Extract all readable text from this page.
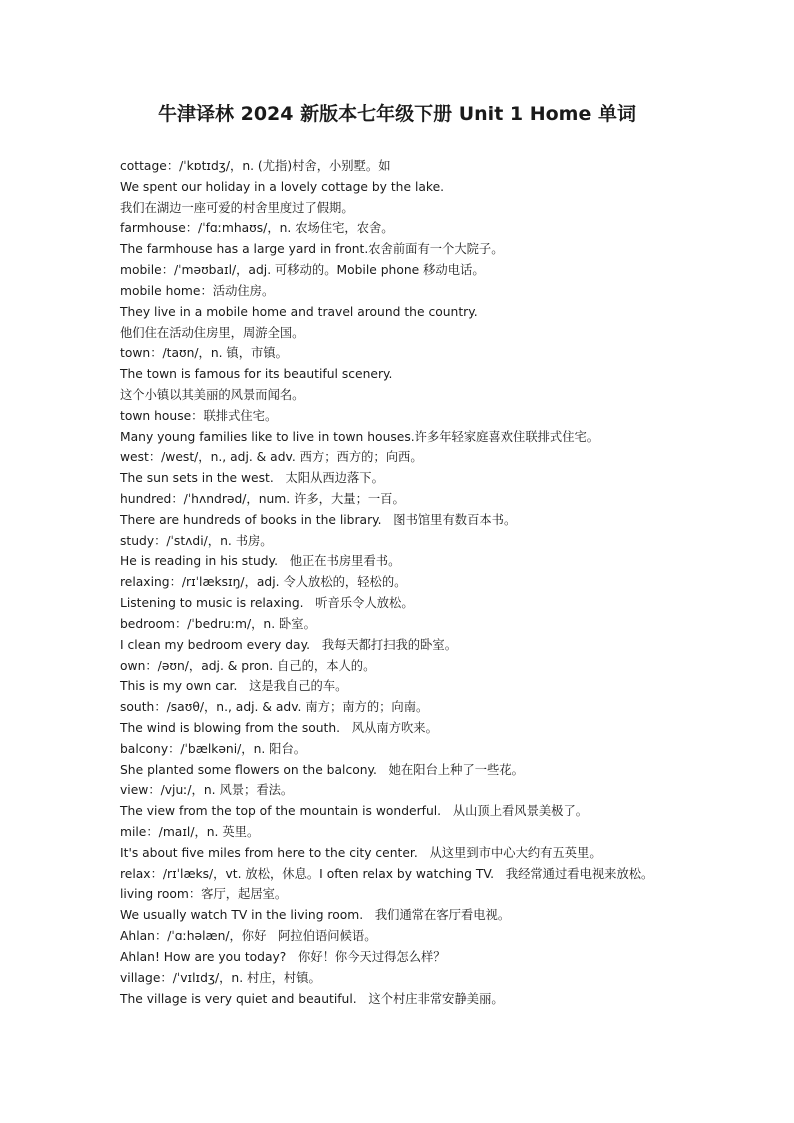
牛津译林 2024 新版本七年级下册 Unit 1 Home 单词
cottage：/ˈkɒtɪdʒ/，n. (尤指)村舍，小别墅。如
We spent our holiday in a lovely cottage by the lake.
我们在湖边一座可爱的村舍里度过了假期。
farmhouse：/ˈfɑːmhaʊs/，n. 农场住宅，农舍。
The farmhouse has a large yard in front.农舍前面有一个大院子。
mobile：/ˈməʊbaɪl/，adj. 可移动的。Mobile phone 移动电话。
mobile home：活动住房。
They live in a mobile home and travel around the country.
他们住在活动住房里，周游全国。
town：/taʊn/，n. 镇，市镇。
The town is famous for its beautiful scenery.
这个小镇以其美丽的风景而闻名。
town house：联排式住宅。
Many young families like to live in town houses.许多年轻家庭喜欢住联排式住宅。
west：/west/，n., adj. & adv. 西方；西方的；向西。
The sun sets in the west.   太阳从西边落下。
hundred：/ˈhʌndrəd/，num. 许多，大量；一百。
There are hundreds of books in the library.   图书馆里有数百本书。
study：/ˈstʌdi/，n. 书房。
He is reading in his study.   他正在书房里看书。
relaxing：/rɪˈlæksɪŋ/，adj. 令人放松的，轻松的。
Listening to music is relaxing.   听音乐令人放松。
bedroom：/ˈbedruːm/，n. 卧室。
I clean my bedroom every day.   我每天都打扫我的卧室。
own：/əʊn/，adj. & pron. 自己的，本人的。
This is my own car.   这是我自己的车。
south：/saʊθ/，n., adj. & adv. 南方；南方的；向南。
The wind is blowing from the south.   风从南方吹来。
balcony：/ˈbælkəni/，n. 阳台。
She planted some flowers on the balcony.   她在阳台上种了一些花。
view：/vjuː/，n. 风景；看法。
The view from the top of the mountain is wonderful.   从山顶上看风景美极了。
mile：/maɪl/，n. 英里。
It's about five miles from here to the city center.   从这里到市中心大约有五英里。
relax：/rɪˈlæks/，vt. 放松，休息。I often relax by watching TV.   我经常通过看电视来放松。
living room：客厅，起居室。
We usually watch TV in the living room.   我们通常在客厅看电视。
Ahlan：/ˈɑːhəlæn/，你好   阿拉伯语问候语。
Ahlan! How are you today?   你好！你今天过得怎么样？
village：/ˈvɪlɪdʒ/，n. 村庄，村镇。
The village is very quiet and beautiful.   这个村庄非常安静美丽。
